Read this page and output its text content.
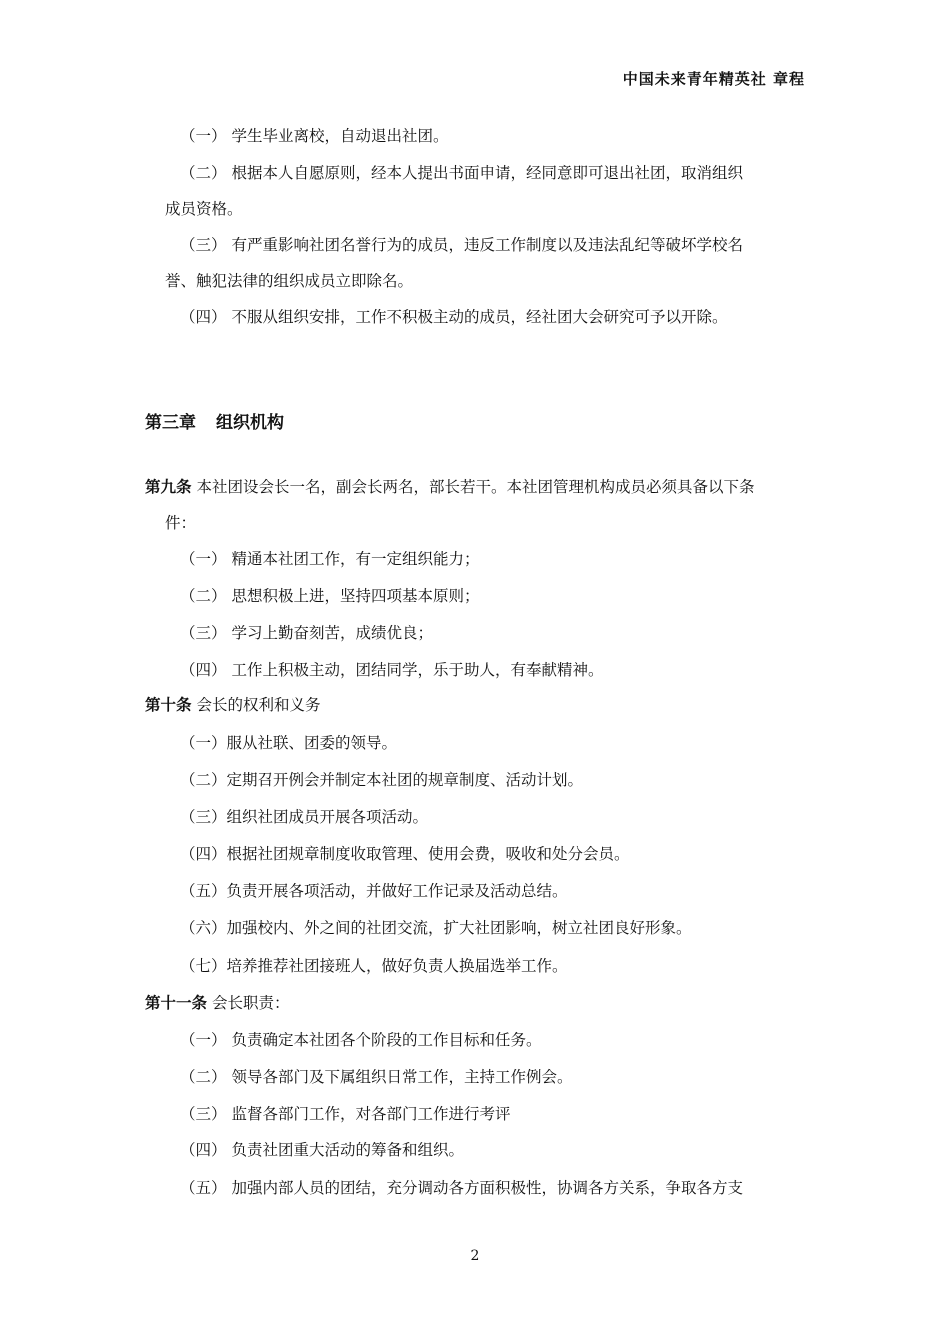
中国未来青年精英社 章程
（一） 学生毕业离校，自动退出社团。
（二） 根据本人自愿原则，经本人提出书面申请，经同意即可退出社团，取消组织
成员资格。
（三） 有严重影响社团名誉行为的成员，违反工作制度以及违法乱纪等破坏学校名
誉、触犯法律的组织成员立即除名。
（四） 不服从组织安排，工作不积极主动的成员，经社团大会研究可予以开除。
第三章 组织机构
第九条 本社团设会长一名，副会长两名，部长若干。本社团管理机构成员必须具备以下条
件：
（一） 精通本社团工作，有一定组织能力；
（二） 思想积极上进，坚持四项基本原则；
（三） 学习上勤奋刻苦，成绩优良；
（四） 工作上积极主动，团结同学，乐于助人，有奉献精神。
第十条 会长的权利和义务
（一）服从社联、团委的领导。
（二）定期召开例会并制定本社团的规章制度、活动计划。
（三）组织社团成员开展各项活动。
（四）根据社团规章制度收取管理、使用会费，吸收和处分会员。
（五）负责开展各项活动，并做好工作记录及活动总结。
（六）加强校内、外之间的社团交流，扩大社团影响，树立社团良好形象。
（七）培养推荐社团接班人，做好负责人换届选举工作。
第十一条 会长职责：
（一） 负责确定本社团各个阶段的工作目标和任务。
（二） 领导各部门及下属组织日常工作，主持工作例会。
（三） 监督各部门工作，对各部门工作进行考评
（四） 负责社团重大活动的筹备和组织。
（五） 加强内部人员的团结，充分调动各方面积极性，协调各方关系，争取各方支
2
